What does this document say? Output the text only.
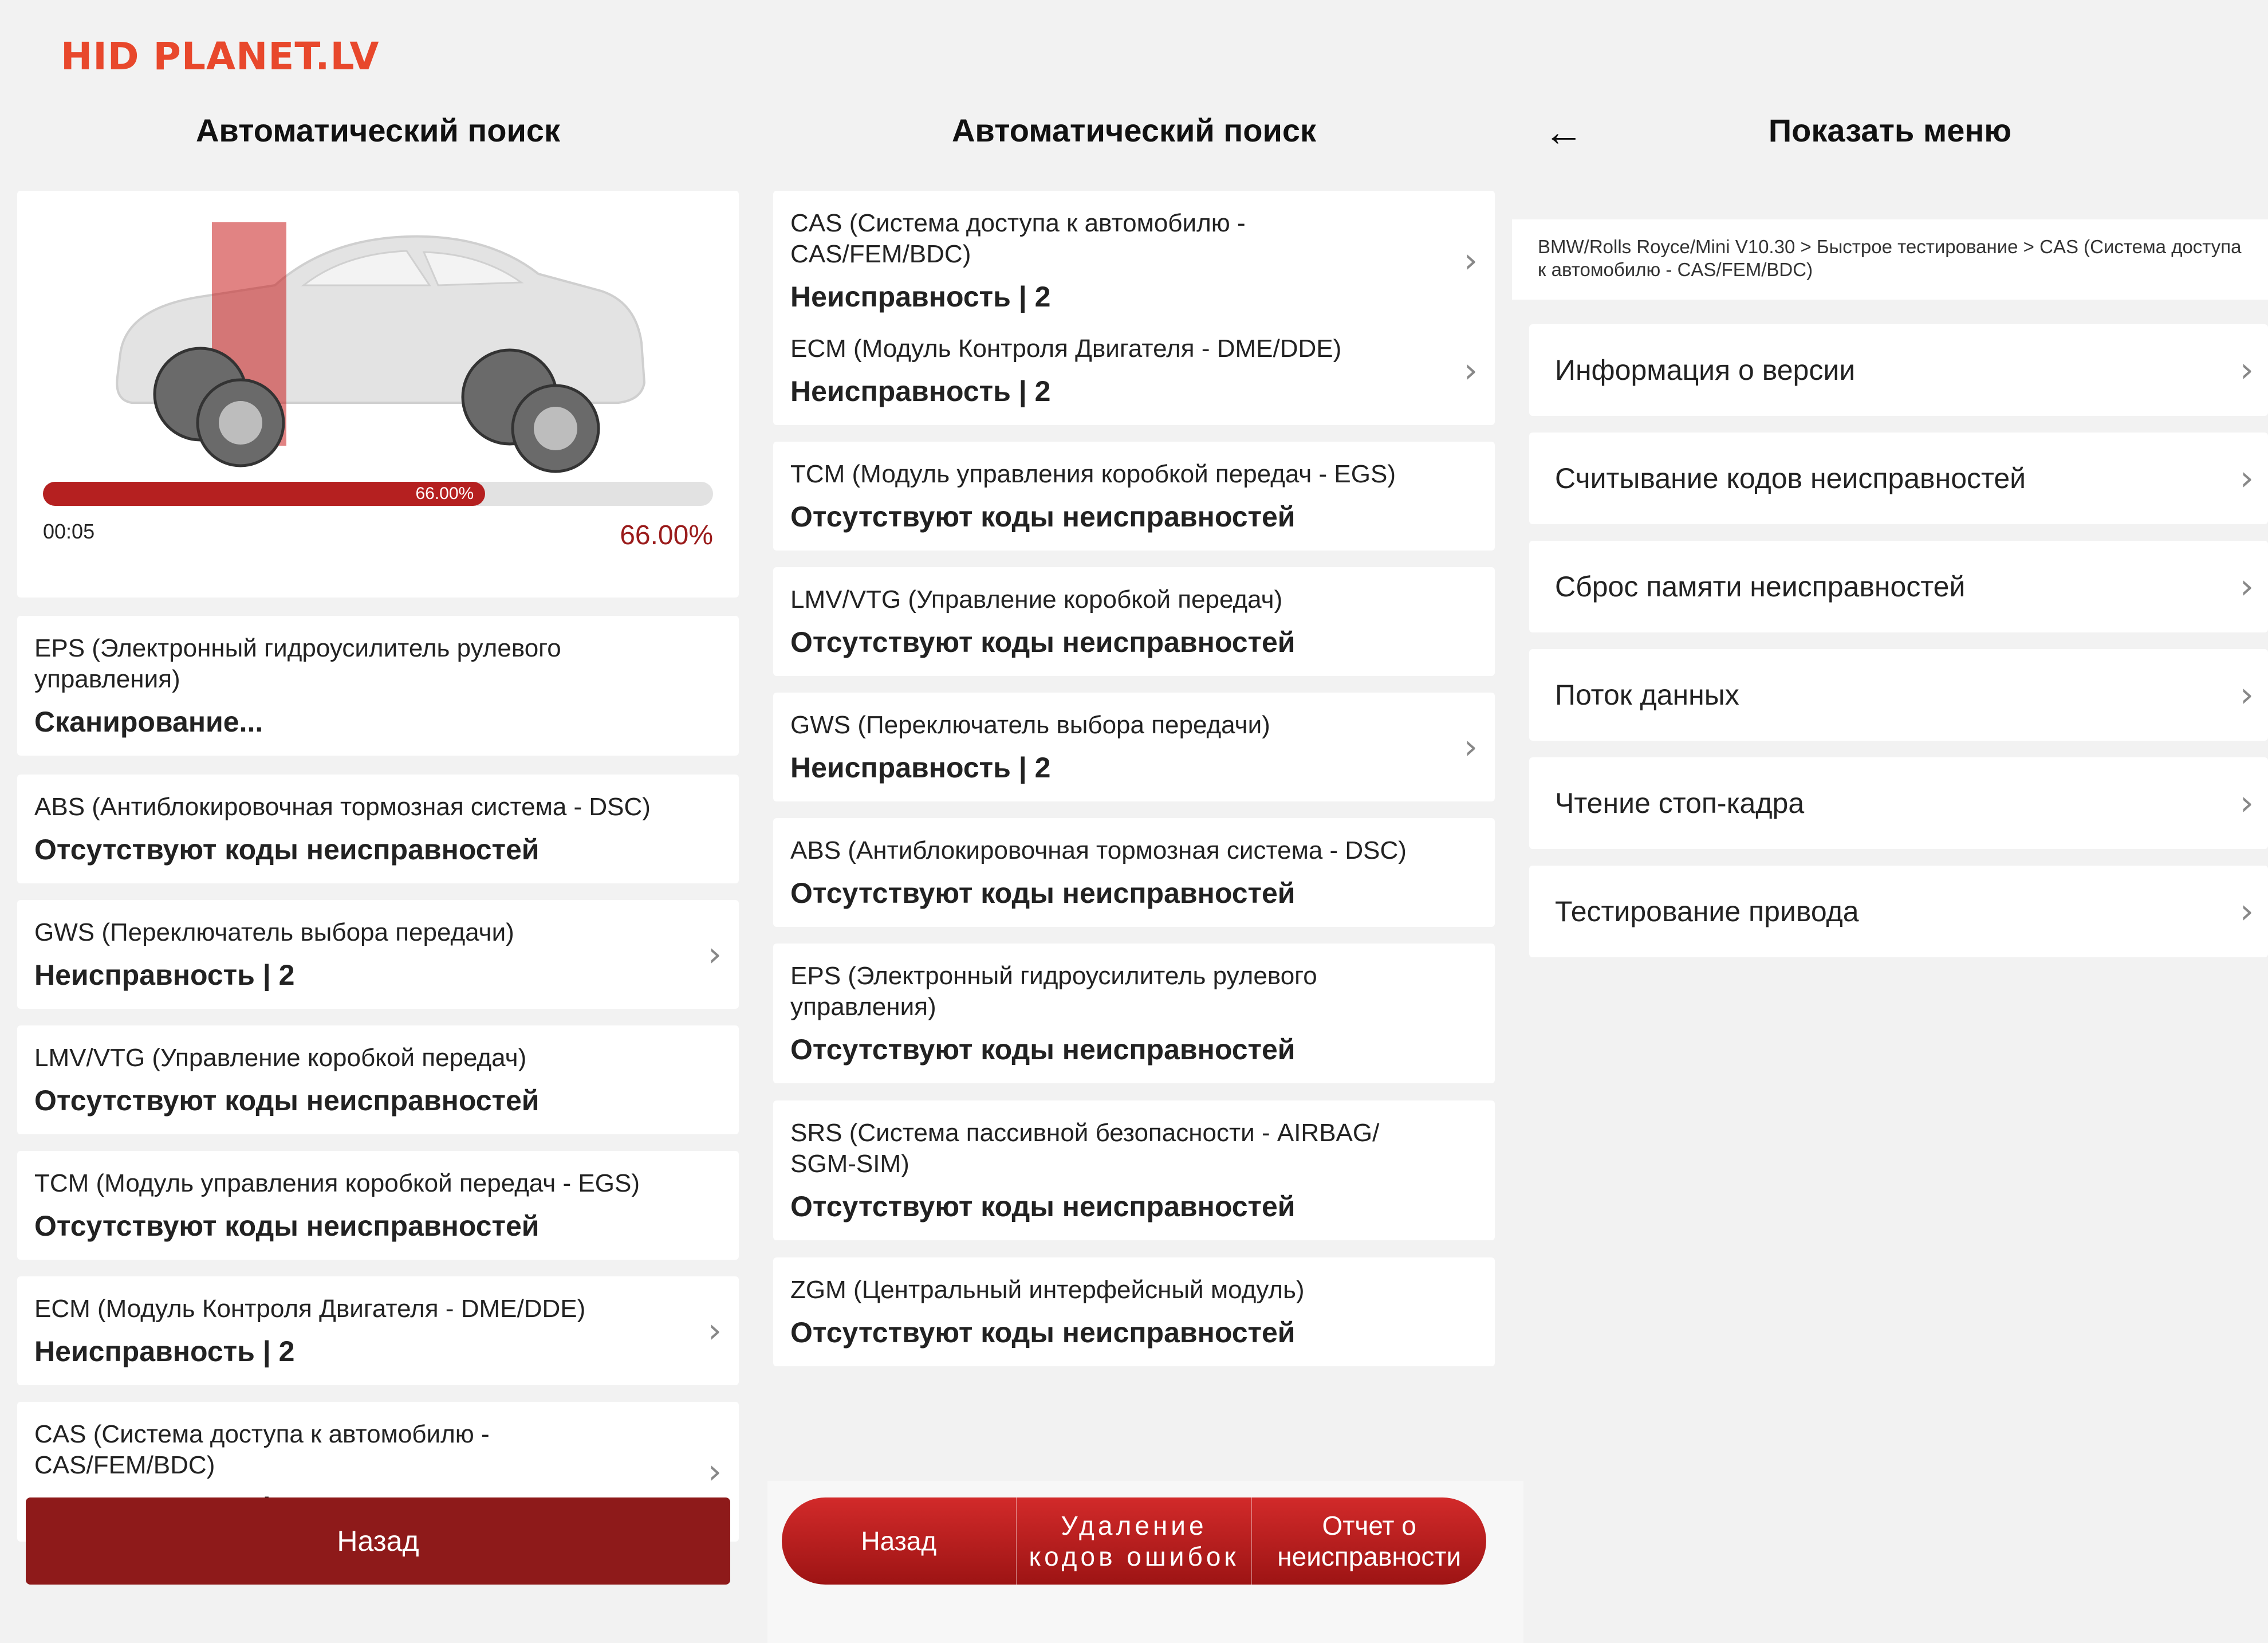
HID PLANET.LV
Автоматический поиск
66.00%
00:05	66.00%
EPS (Электронный гидроусилитель рулевого управления)
Сканирование...
ABS (Антиблокировочная тормозная система - DSC)
Отсутствуют коды неисправностей
GWS (Переключатель выбора передачи)
Неисправность | 2
›
LMV/VTG (Управление коробкой передач)
Отсутствуют коды неисправностей
TCM (Модуль управления коробкой передач - EGS)
Отсутствуют коды неисправностей
ECM (Модуль Контроля Двигателя - DME/DDE)
Неисправность | 2
›
CAS (Система доступа к автомобилю - CAS/FEM/BDC)	›
Назад
Автоматический поиск
CAS (Система доступа к автомобилю - CAS/FEM/BDC)
Неисправность | 2
›
ECM (Модуль Контроля Двигателя - DME/DDE)
Неисправность | 2
›
TCM (Модуль управления коробкой передач - EGS)
Отсутствуют коды неисправностей
LMV/VTG (Управление коробкой передач)
Отсутствуют коды неисправностей
GWS (Переключатель выбора передачи)
Неисправность | 2
›
ABS (Антиблокировочная тормозная система - DSC)
Отсутствуют коды неисправностей
EPS (Электронный гидроусилитель рулевого управления)
Отсутствуют коды неисправностей
SRS (Система пассивной безопасности - AIRBAG/ SGM-SIM)
Отсутствуют коды неисправностей
ZGM (Центральный интерфейсный модуль)
Отсутствуют коды неисправностей
Назад
Удаление кодов ошибок
Отчет о неисправности
←	Показать меню
BMW/Rolls Royce/Mini V10.30 > Быстрое тестирование > CAS (Система доступа к автомобилю - CAS/FEM/BDC)
Информация о версии	›
Считывание кодов неисправностей	›
Сброс памяти неисправностей	›
Поток данных	›
Чтение стоп-кадра	›
Тестирование привода	›
